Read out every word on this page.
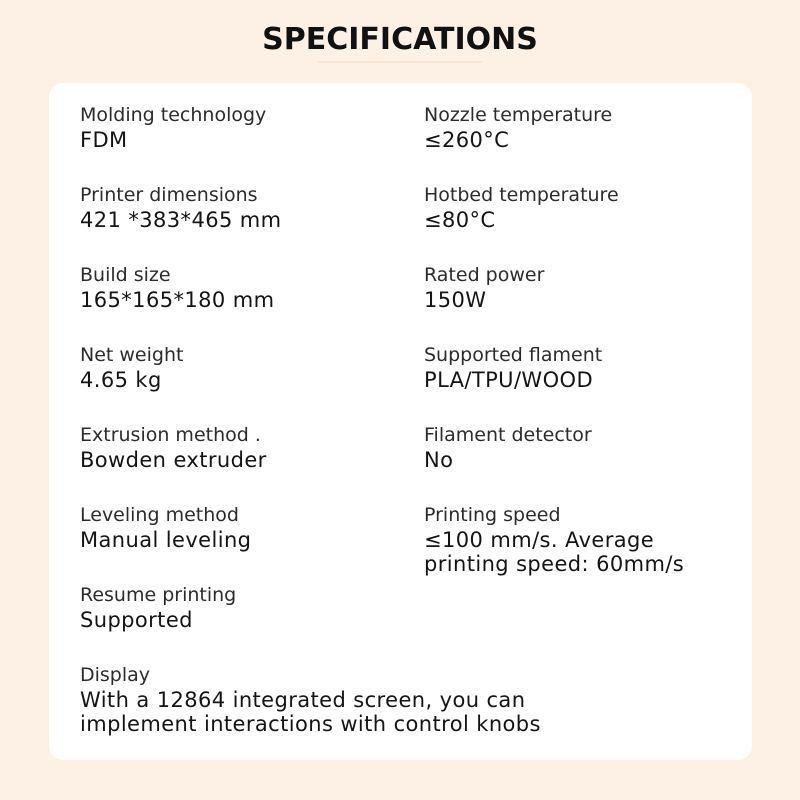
SPECIFICATIONS
Molding technology
FDM
Nozzle temperature
≤260°C
Printer dimensions
421 *383*465 mm
Hotbed temperature
≤80°C
Build size
165*165*180 mm
Rated power
150W
Net weight
4.65 kg
Supported flament
PLA/TPU/WOOD
Extrusion method .
Bowden extruder
Filament detector
No
Leveling method
Manual leveling
Printing speed
≤100 mm/s. Average
printing speed: 60mm/s
Resume printing
Supported
Display
With a 12864 integrated screen, you can
implement interactions with control knobs
